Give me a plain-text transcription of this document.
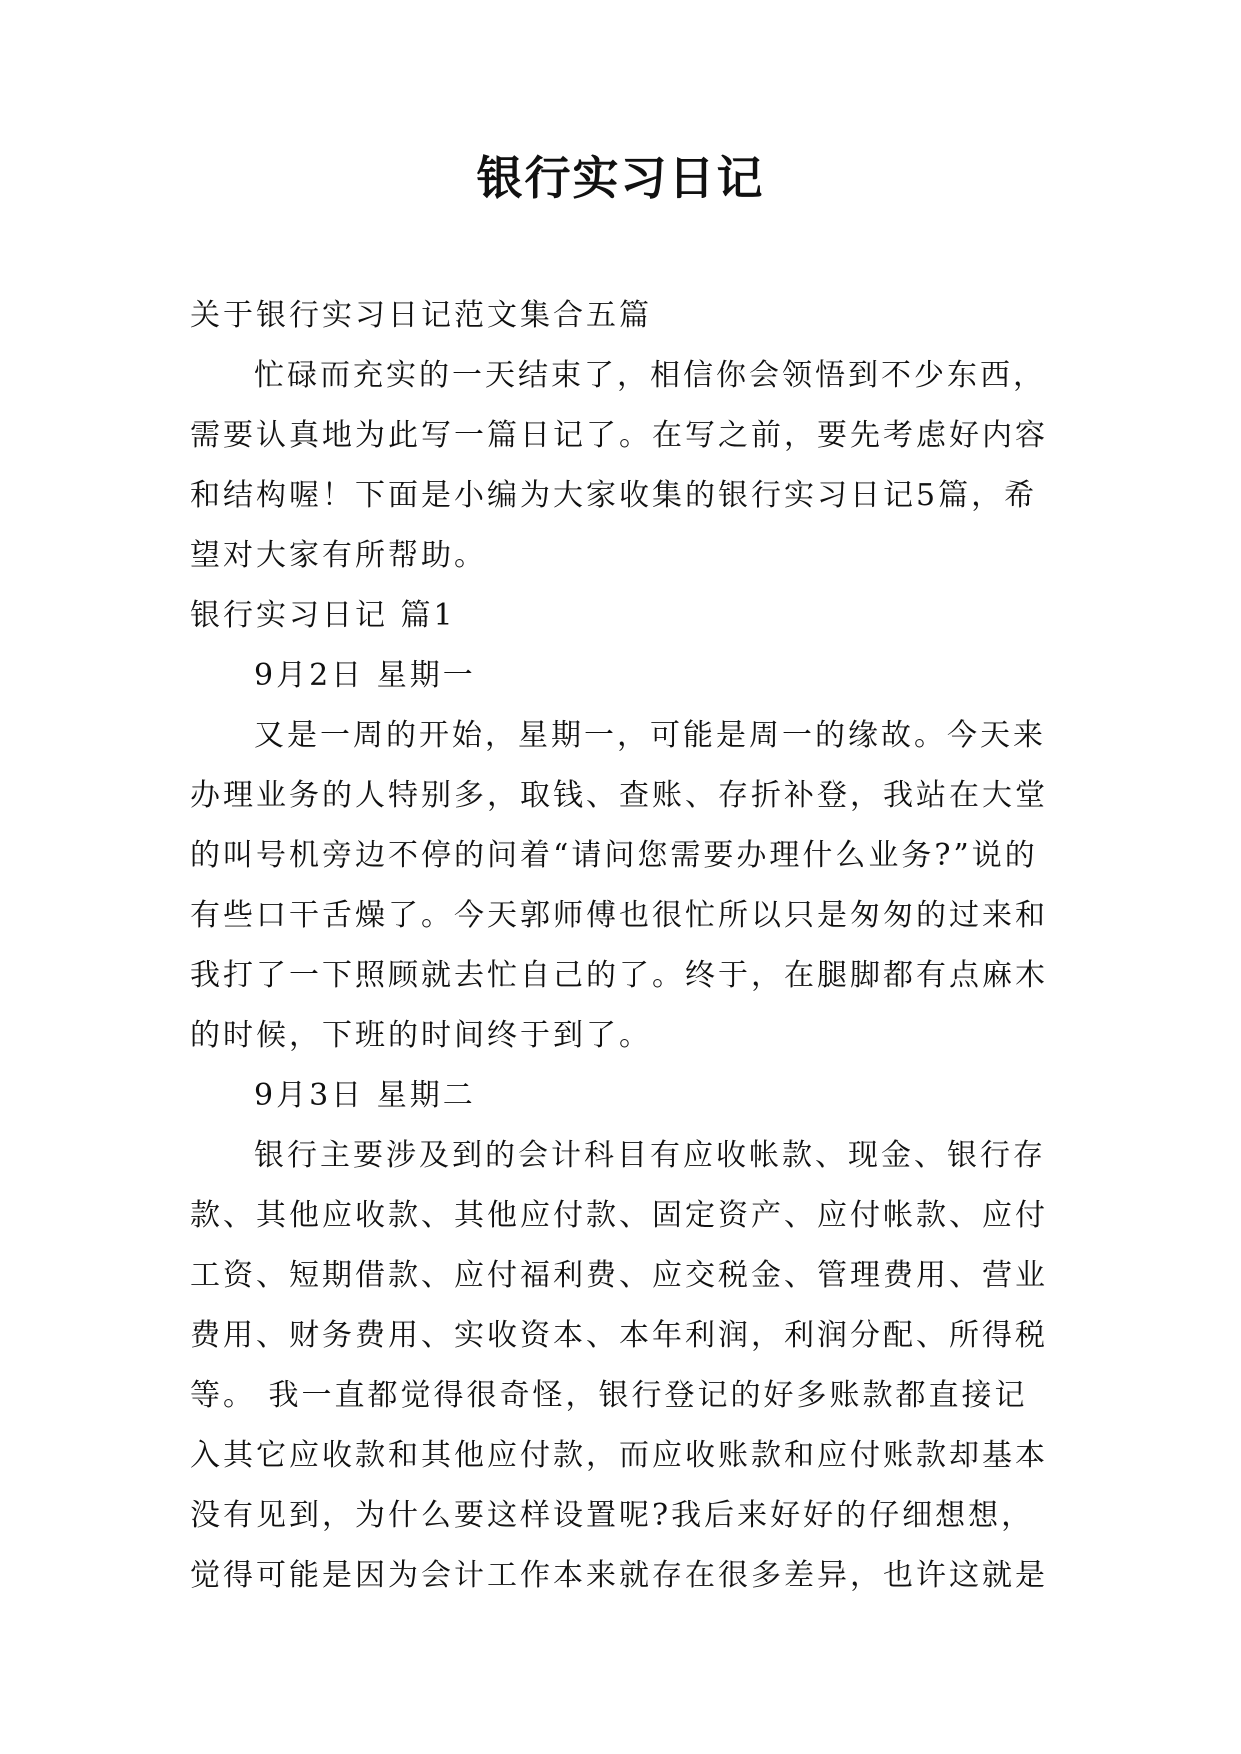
银行实习日记

关于银行实习日记范文集合五篇

忙碌而充实的一天结束了，相信你会领悟到不少东西，需要认真地为此写一篇日记了。在写之前，要先考虑好内容和结构喔！下面是小编为大家收集的银行实习日记5篇，希望对大家有所帮助。

银行实习日记 篇1

9月2日 星期一

又是一周的开始，星期一，可能是周一的缘故。今天来办理业务的人特别多，取钱、查账、存折补登，我站在大堂的叫号机旁边不停的问着“请问您需要办理什么业务?”说的有些口干舌燥了。今天郭师傅也很忙所以只是匆匆的过来和我打了一下照顾就去忙自己的了。终于，在腿脚都有点麻木的时候，下班的时间终于到了。

9月3日 星期二

银行主要涉及到的会计科目有应收帐款、现金、银行存款、其他应收款、其他应付款、固定资产、应付帐款、应付工资、短期借款、应付福利费、应交税金、管理费用、营业费用、财务费用、实收资本、本年利润，利润分配、所得税等。 我一直都觉得很奇怪，银行登记的好多账款都直接记入其它应收款和其他应付款，而应收账款和应付账款却基本没有见到，为什么要这样设置呢?我后来好好的仔细想想，觉得可能是因为会计工作本来就存在很多差异，也许这就是
